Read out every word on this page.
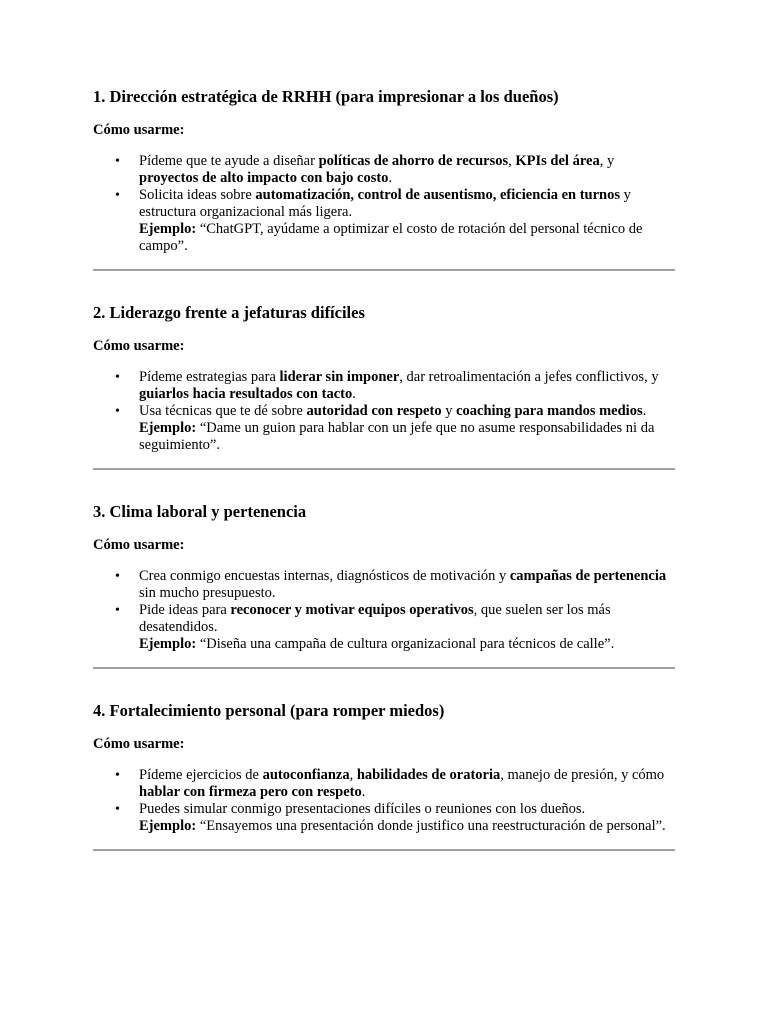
1. Dirección estratégica de RRHH (para impresionar a los dueños)
Cómo usarme:
• Pídeme que te ayude a diseñar políticas de ahorro de recursos, KPIs del área, y proyectos de alto impacto con bajo costo.
• Solicita ideas sobre automatización, control de ausentismo, eficiencia en turnos y estructura organizacional más ligera.
Ejemplo: “ChatGPT, ayúdame a optimizar el costo de rotación del personal técnico de campo”.
2. Liderazgo frente a jefaturas difíciles
Cómo usarme:
• Pídeme estrategias para liderar sin imponer, dar retroalimentación a jefes conflictivos, y guiarlos hacia resultados con tacto.
• Usa técnicas que te dé sobre autoridad con respeto y coaching para mandos medios.
Ejemplo: “Dame un guion para hablar con un jefe que no asume responsabilidades ni da seguimiento”.
3. Clima laboral y pertenencia
Cómo usarme:
• Crea conmigo encuestas internas, diagnósticos de motivación y campañas de pertenencia sin mucho presupuesto.
• Pide ideas para reconocer y motivar equipos operativos, que suelen ser los más desatendidos.
Ejemplo: “Diseña una campaña de cultura organizacional para técnicos de calle”.
4. Fortalecimiento personal (para romper miedos)
Cómo usarme:
• Pídeme ejercicios de autoconfianza, habilidades de oratoria, manejo de presión, y cómo hablar con firmeza pero con respeto.
• Puedes simular conmigo presentaciones difíciles o reuniones con los dueños.
Ejemplo: “Ensayemos una presentación donde justifico una reestructuración de personal”.
